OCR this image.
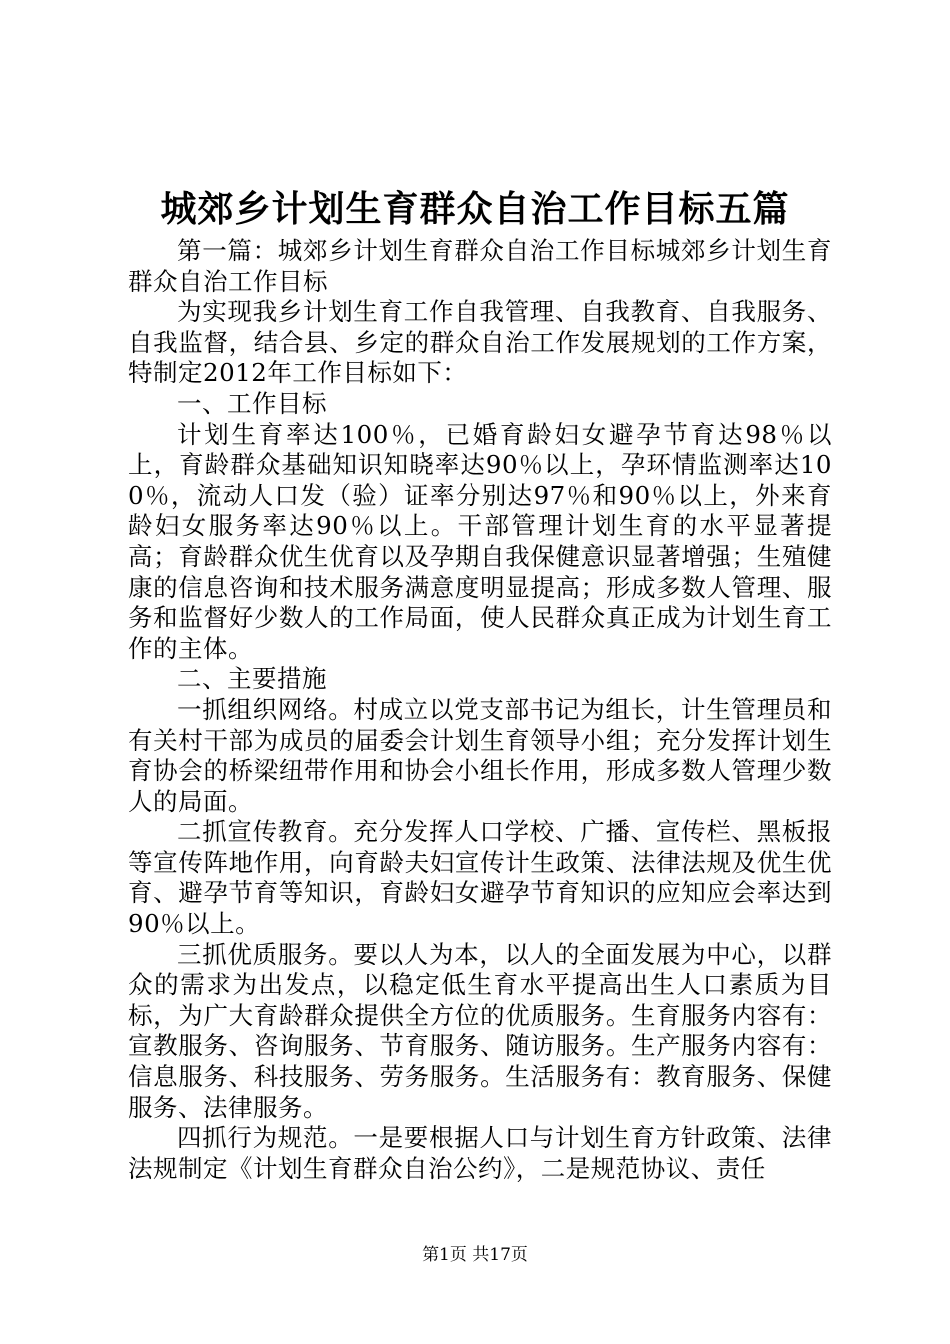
城郊乡计划生育群众自治工作目标五篇

第一篇：城郊乡计划生育群众自治工作目标城郊乡计划生育群众自治工作目标

为实现我乡计划生育工作自我管理、自我教育、自我服务、自我监督，结合县、乡定的群众自治工作发展规划的工作方案，特制定2012年工作目标如下：

一、工作目标

计划生育率达100％，已婚育龄妇女避孕节育达98％以上，育龄群众基础知识知晓率达90％以上，孕环情监测率达100％，流动人口发（验）证率分别达97％和90％以上，外来育龄妇女服务率达90％以上。干部管理计划生育的水平显著提高；育龄群众优生优育以及孕期自我保健意识显著增强；生殖健康的信息咨询和技术服务满意度明显提高；形成多数人管理、服务和监督好少数人的工作局面，使人民群众真正成为计划生育工作的主体。

二、主要措施

一抓组织网络。村成立以党支部书记为组长，计生管理员和有关村干部为成员的届委会计划生育领导小组；充分发挥计划生育协会的桥梁纽带作用和协会小组长作用，形成多数人管理少数人的局面。

二抓宣传教育。充分发挥人口学校、广播、宣传栏、黑板报等宣传阵地作用，向育龄夫妇宣传计生政策、法律法规及优生优育、避孕节育等知识，育龄妇女避孕节育知识的应知应会率达到90％以上。

三抓优质服务。要以人为本，以人的全面发展为中心，以群众的需求为出发点，以稳定低生育水平提高出生人口素质为目标，为广大育龄群众提供全方位的优质服务。生育服务内容有：宣教服务、咨询服务、节育服务、随访服务。生产服务内容有：信息服务、科技服务、劳务服务。生活服务有：教育服务、保健服务、法律服务。

四抓行为规范。一是要根据人口与计划生育方针政策、法律法规制定《计划生育群众自治公约》，二是规范协议、责任

第1页 共17页
